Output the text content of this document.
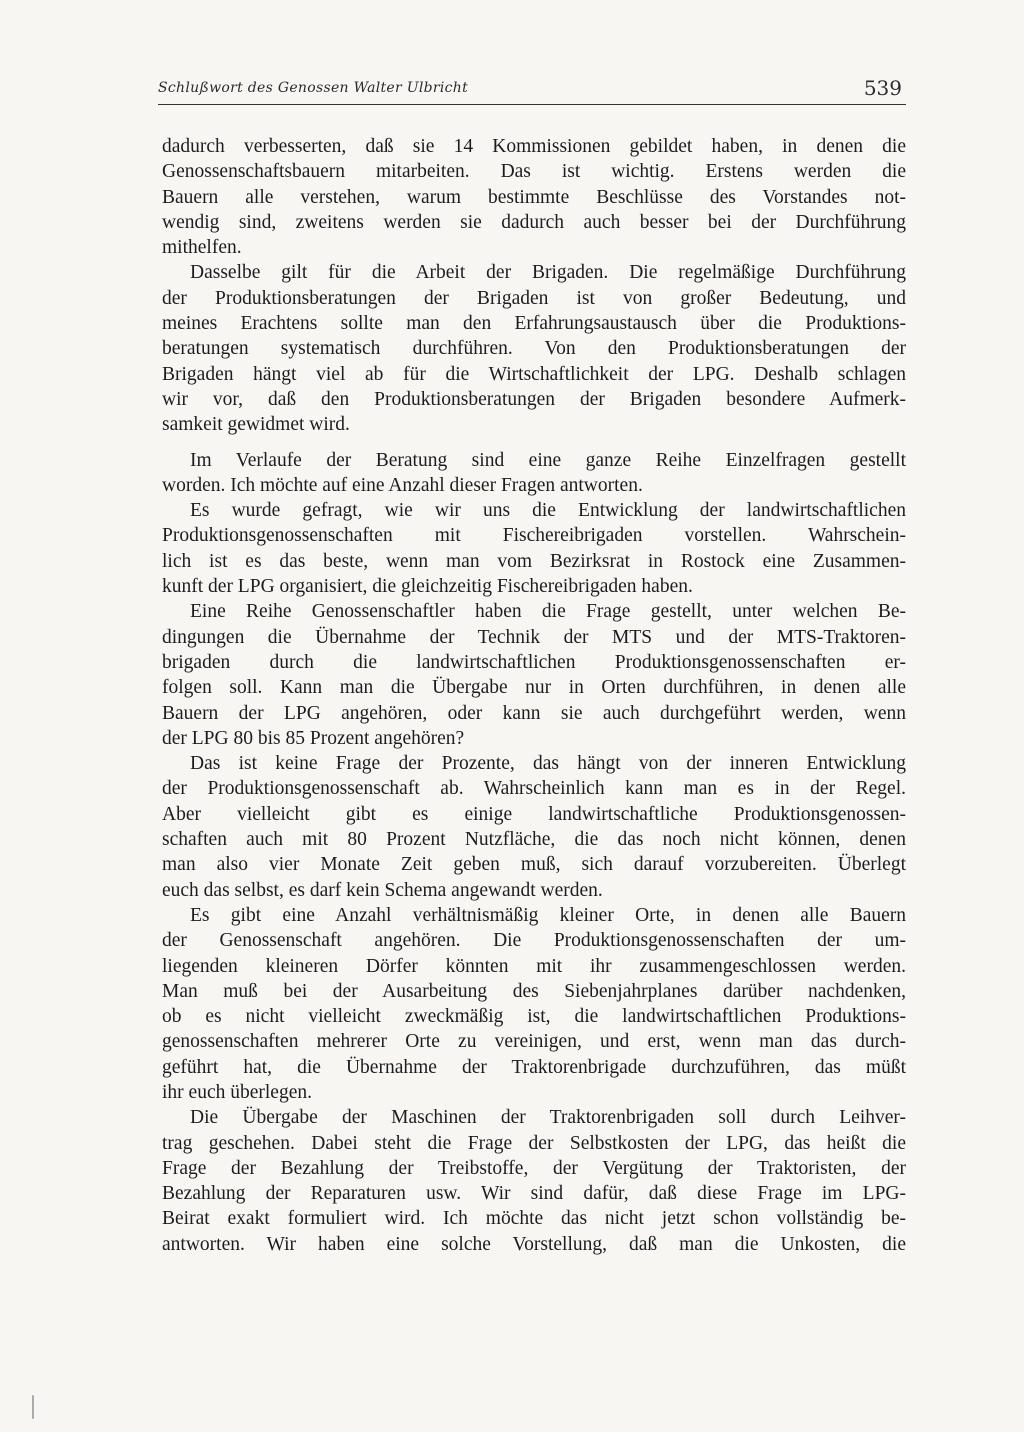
Schlußwort des Genossen Walter Ulbricht	539
dadurch verbesserten, daß sie 14 Kommissionen gebildet haben, in denen die
Genossenschaftsbauern mitarbeiten. Das ist wichtig. Erstens werden die
Bauern alle verstehen, warum bestimmte Beschlüsse des Vorstandes not-
wendig sind, zweitens werden sie dadurch auch besser bei der Durchführung
mithelfen.
Dasselbe gilt für die Arbeit der Brigaden. Die regelmäßige Durchführung
der Produktionsberatungen der Brigaden ist von großer Bedeutung, und
meines Erachtens sollte man den Erfahrungsaustausch über die Produktions-
beratungen systematisch durchführen. Von den Produktionsberatungen der
Brigaden hängt viel ab für die Wirtschaftlichkeit der LPG. Deshalb schlagen
wir vor, daß den Produktionsberatungen der Brigaden besondere Aufmerk-
samkeit gewidmet wird.
Im Verlaufe der Beratung sind eine ganze Reihe Einzelfragen gestellt
worden. Ich möchte auf eine Anzahl dieser Fragen antworten.
Es wurde gefragt, wie wir uns die Entwicklung der landwirtschaftlichen
Produktionsgenossenschaften mit Fischereibrigaden vorstellen. Wahrschein-
lich ist es das beste, wenn man vom Bezirksrat in Rostock eine Zusammen-
kunft der LPG organisiert, die gleichzeitig Fischereibrigaden haben.
Eine Reihe Genossenschaftler haben die Frage gestellt, unter welchen Be-
dingungen die Übernahme der Technik der MTS und der MTS-Traktoren-
brigaden durch die landwirtschaftlichen Produktionsgenossenschaften er-
folgen soll. Kann man die Übergabe nur in Orten durchführen, in denen alle
Bauern der LPG angehören, oder kann sie auch durchgeführt werden, wenn
der LPG 80 bis 85 Prozent angehören?
Das ist keine Frage der Prozente, das hängt von der inneren Entwicklung
der Produktionsgenossenschaft ab. Wahrscheinlich kann man es in der Regel.
Aber vielleicht gibt es einige landwirtschaftliche Produktionsgenossen-
schaften auch mit 80 Prozent Nutzfläche, die das noch nicht können, denen
man also vier Monate Zeit geben muß, sich darauf vorzubereiten. Überlegt
euch das selbst, es darf kein Schema angewandt werden.
Es gibt eine Anzahl verhältnismäßig kleiner Orte, in denen alle Bauern
der Genossenschaft angehören. Die Produktionsgenossenschaften der um-
liegenden kleineren Dörfer könnten mit ihr zusammengeschlossen werden.
Man muß bei der Ausarbeitung des Siebenjahrplanes darüber nachdenken,
ob es nicht vielleicht zweckmäßig ist, die landwirtschaftlichen Produktions-
genossenschaften mehrerer Orte zu vereinigen, und erst, wenn man das durch-
geführt hat, die Übernahme der Traktorenbrigade durchzuführen, das müßt
ihr euch überlegen.
Die Übergabe der Maschinen der Traktorenbrigaden soll durch Leihver-
trag geschehen. Dabei steht die Frage der Selbstkosten der LPG, das heißt die
Frage der Bezahlung der Treibstoffe, der Vergütung der Traktoristen, der
Bezahlung der Reparaturen usw. Wir sind dafür, daß diese Frage im LPG-
Beirat exakt formuliert wird. Ich möchte das nicht jetzt schon vollständig be-
antworten. Wir haben eine solche Vorstellung, daß man die Unkosten, die
